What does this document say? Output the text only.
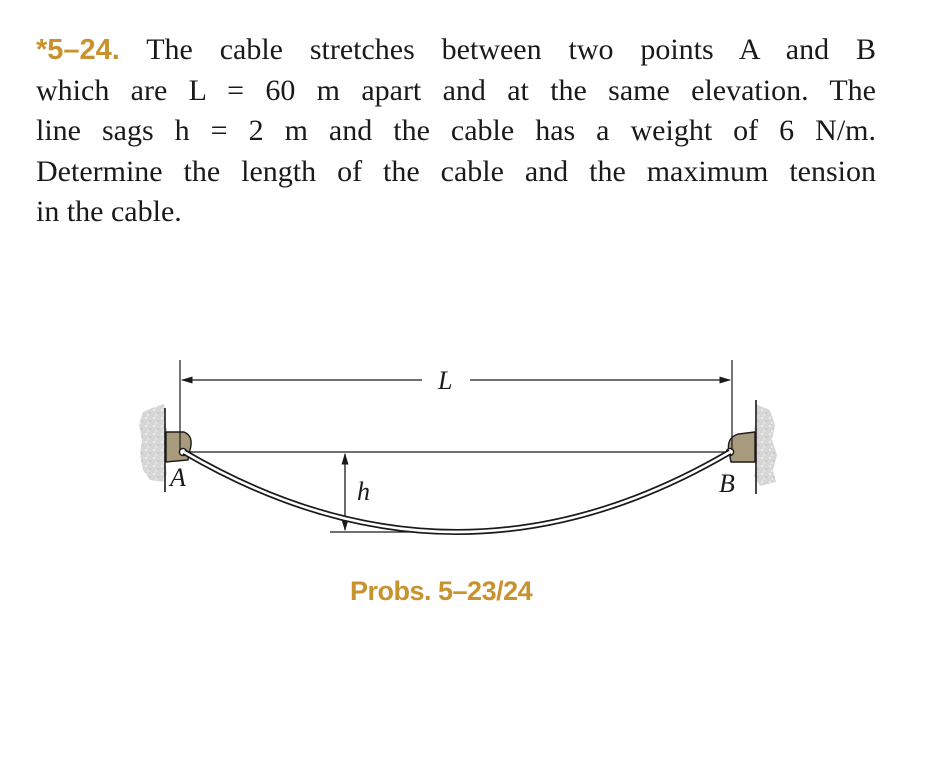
*5–24. The cable stretches between two points A and B
which are L = 60 m apart and at the same elevation. The
line sags h = 2 m and the cable has a weight of 6 N/m.
Determine the length of the cable and the maximum tension
in the cable.
L
h
A	B
Probs. 5–23/24
